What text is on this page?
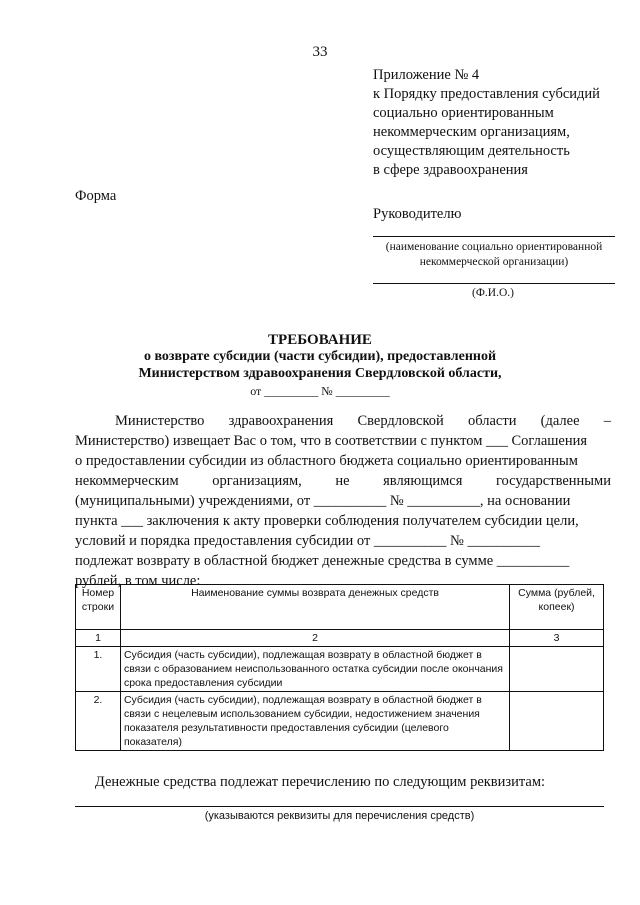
33
Приложение № 4
к Порядку предоставления субсидий
социально ориентированным
некоммерческим организациям,
осуществляющим деятельность
в сфере здравоохранения
Форма
Руководителю
(наименование социально ориентированной
некоммерческой организации)
(Ф.И.О.)
ТРЕБОВАНИЕ
о возврате субсидии (части субсидии), предоставленной
Министерством здравоохранения Свердловской области,
от _________ № _________
Министерство здравоохранения Свердловской области (далее –
Министерство) извещает Вас о том, что в соответствии с пунктом ___ Соглашения
о предоставлении субсидии из областного бюджета социально ориентированным
некоммерческим организациям, не являющимся государственными
(муниципальными) учреждениями, от __________ № __________, на основании
пункта ___ заключения к акту проверки соблюдения получателем субсидии цели,
условий и порядка предоставления субсидии от __________ № __________
подлежат возврату в областной бюджет денежные средства в сумме __________
рублей, в том числе:
Номер строки	Наименование суммы возврата денежных средств	Сумма (рублей, копеек)
1	2	3
1.	Субсидия (часть субсидии), подлежащая возврату в областной бюджет в связи с образованием неиспользованного остатка субсидии после окончания срока предоставления субсидии	
2.	Субсидия (часть субсидии), подлежащая возврату в областной бюджет в связи с нецелевым использованием субсидии, недостижением значения показателя результативности предоставления субсидии (целевого показателя)	
Денежные средства подлежат перечислению по следующим реквизитам:
(указываются реквизиты для перечисления средств)
